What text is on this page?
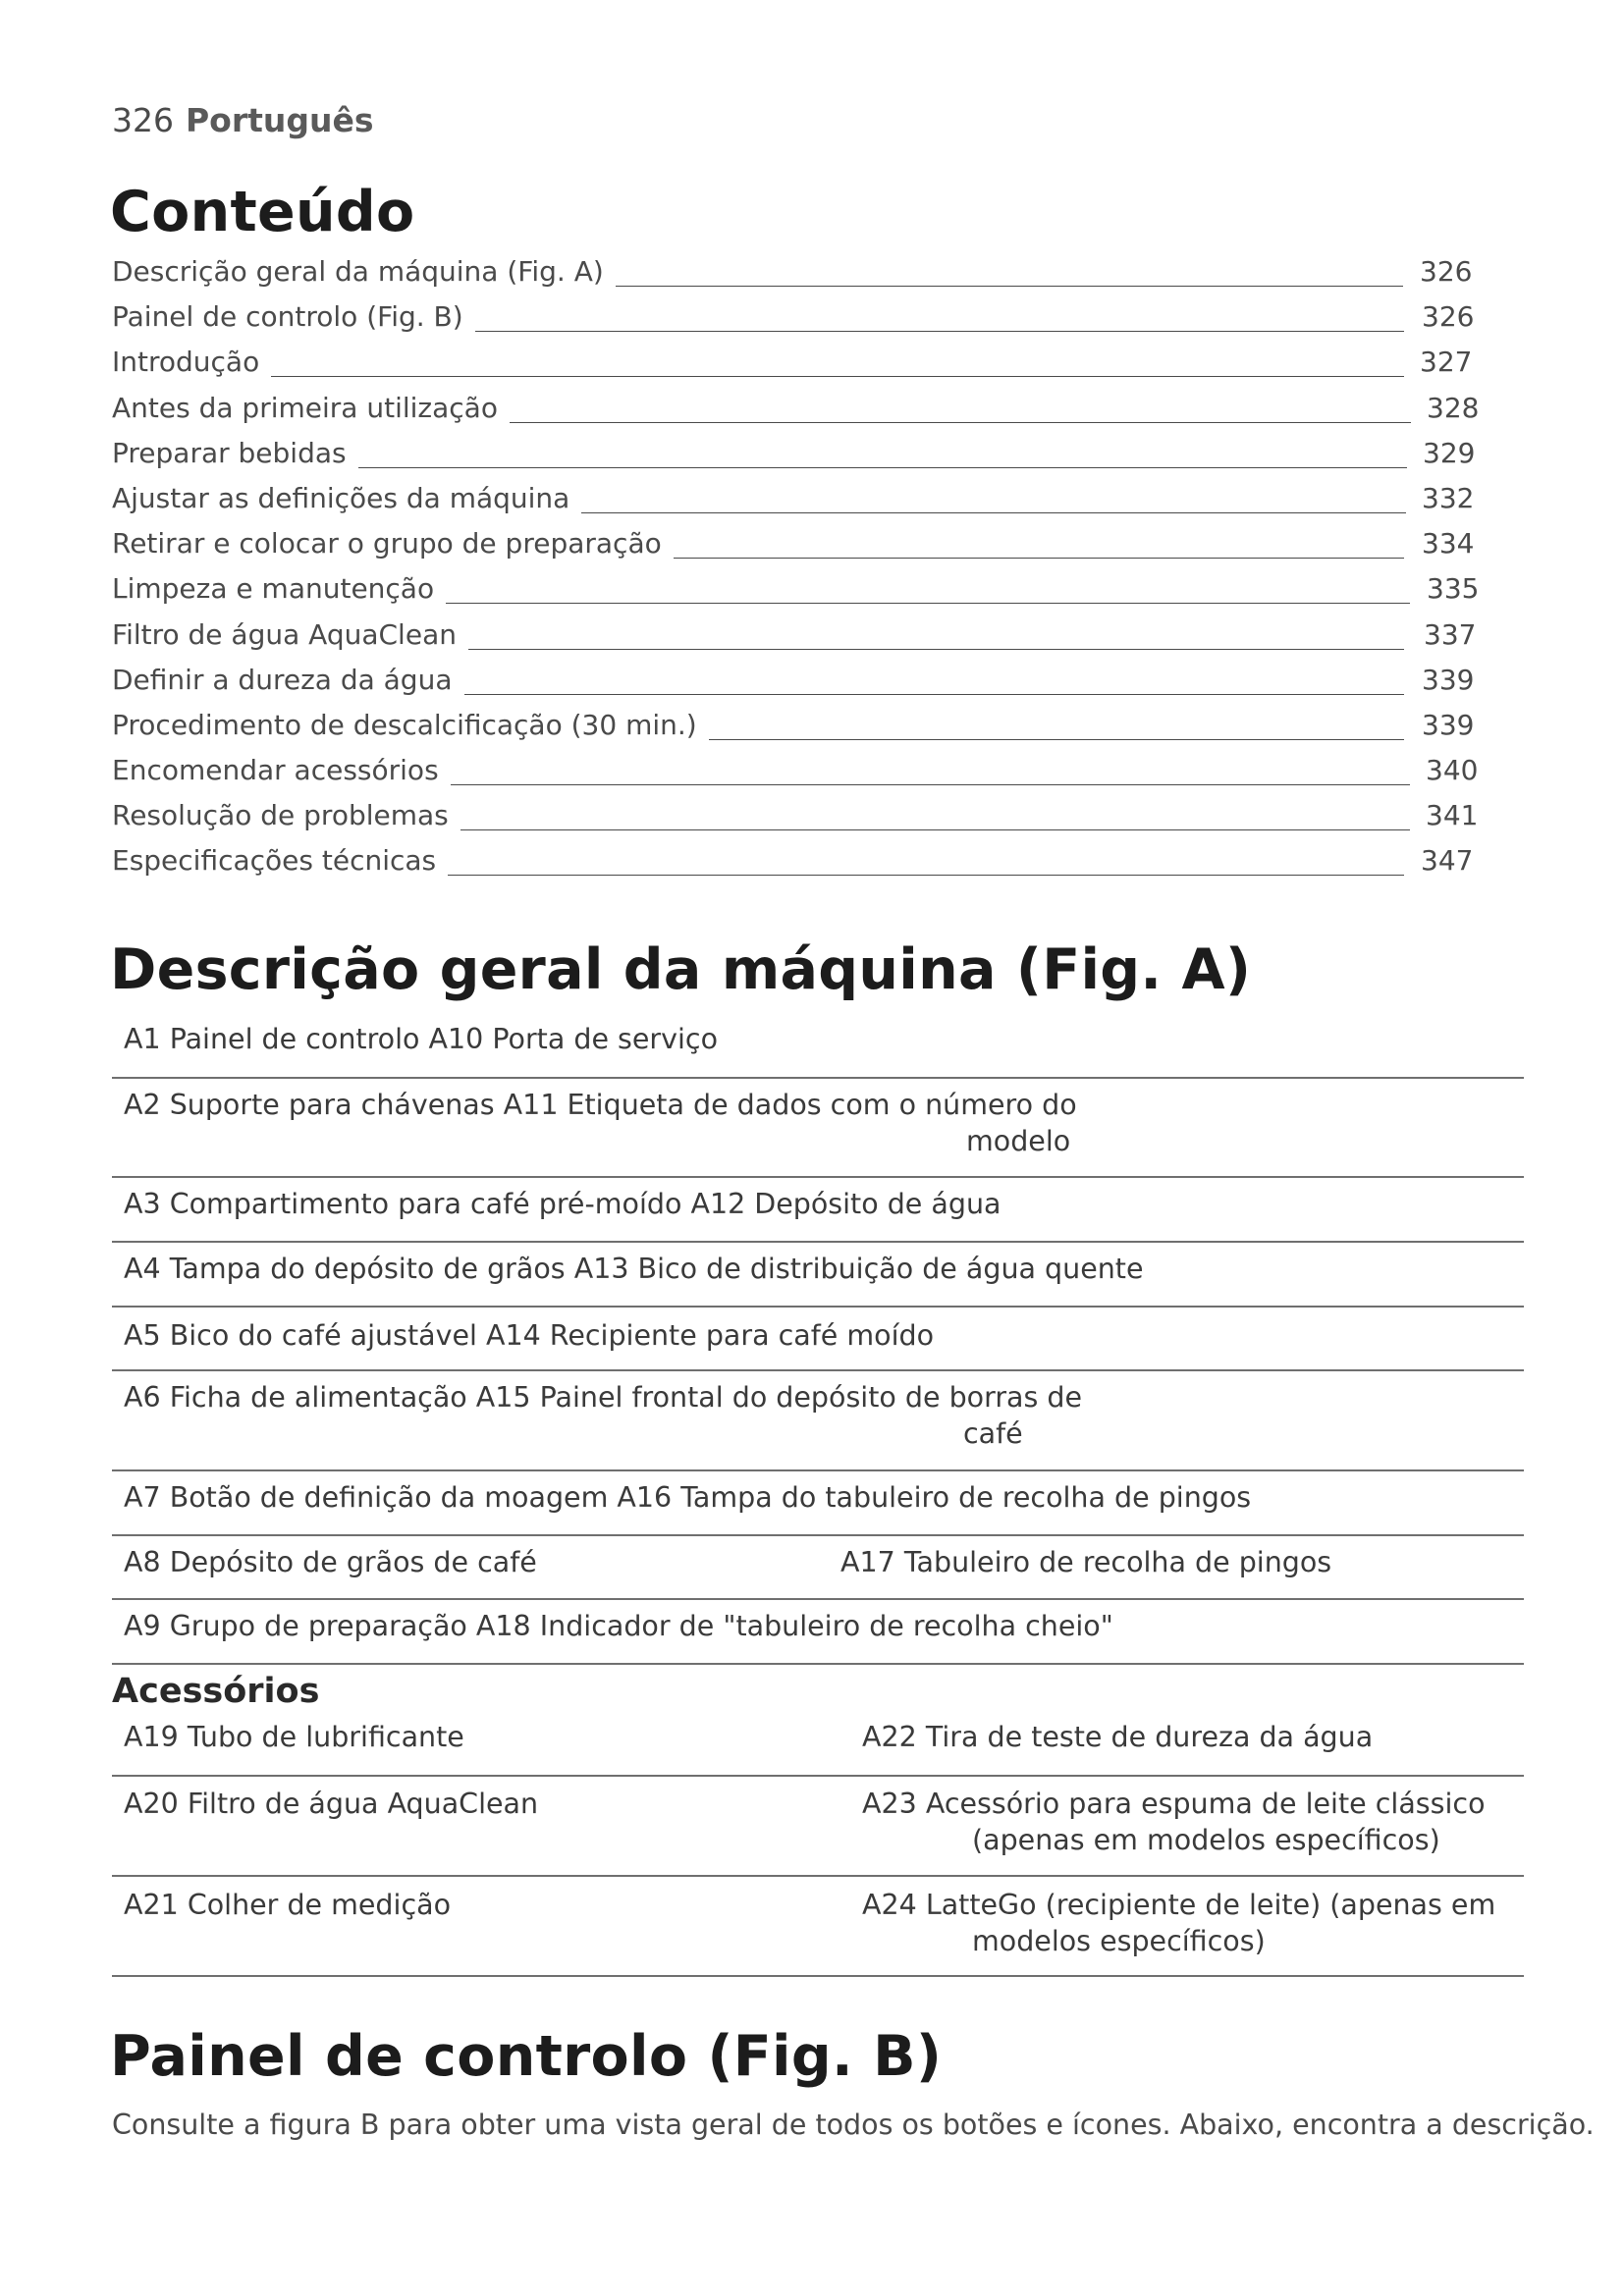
326 Português
Conteúdo
Descrição geral da máquina (Fig. A)	326
Painel de controlo (Fig. B)	326
Introdução	327
Antes da primeira utilização	328
Preparar bebidas	329
Ajustar as definições da máquina	332
Retirar e colocar o grupo de preparação	334
Limpeza e manutenção	335
Filtro de água AquaClean	337
Definir a dureza da água	339
Procedimento de descalcificação (30 min.)	339
Encomendar acessórios	340
Resolução de problemas	341
Especificações técnicas	347
Descrição geral da máquina (Fig. A)
A1 Painel de controlo A10 Porta de serviço
A2 Suporte para chávenas A11 Etiqueta de dados com o número do
modelo
A3 Compartimento para café pré-moído A12 Depósito de água
A4 Tampa do depósito de grãos A13 Bico de distribuição de água quente
A5 Bico do café ajustável A14 Recipiente para café moído
A6 Ficha de alimentação A15 Painel frontal do depósito de borras de
café
A7 Botão de definição da moagem A16 Tampa do tabuleiro de recolha de pingos
A8 Depósito de grãos de café	A17 Tabuleiro de recolha de pingos
A9 Grupo de preparação A18 Indicador de "tabuleiro de recolha cheio"
Acessórios
A19 Tubo de lubrificante	A22 Tira de teste de dureza da água
A20 Filtro de água AquaClean	A23 Acessório para espuma de leite clássico
(apenas em modelos específicos)
A21 Colher de medição	A24 LatteGo (recipiente de leite) (apenas em
modelos específicos)
Painel de controlo (Fig. B)

Consulte a figura B para obter uma vista geral de todos os botões e ícones. Abaixo, encontra a descrição.
